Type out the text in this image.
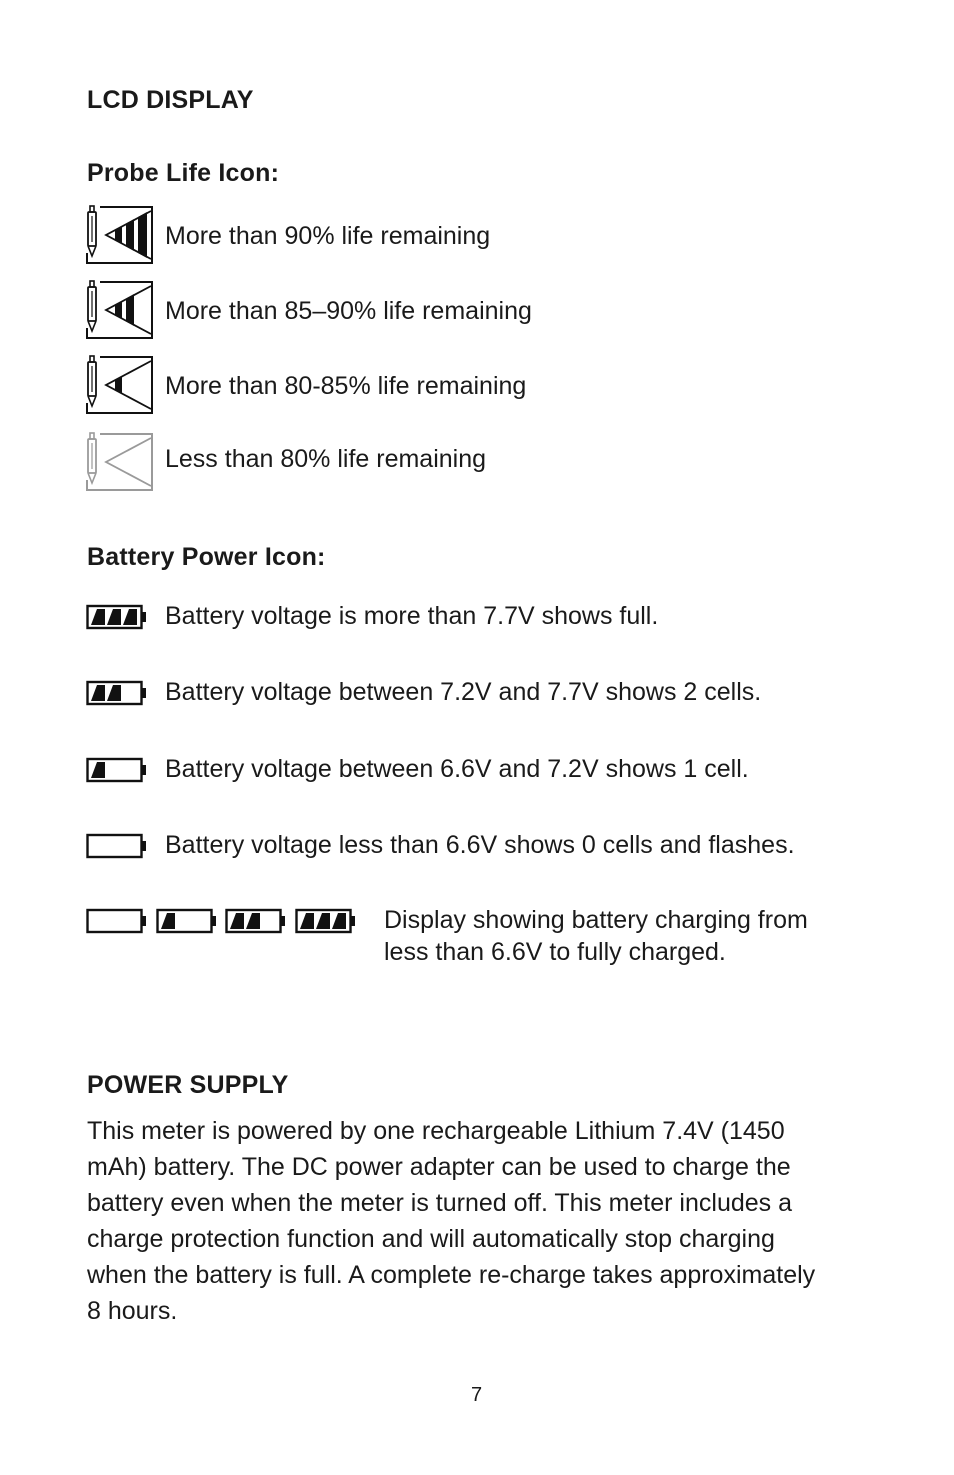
LCD DISPLAY
Probe Life Icon:
More than 90% life remaining
More than 85–90% life remaining
More than 80-85% life remaining
Less than 80% life remaining
Battery Power Icon:
Battery voltage is more than 7.7V shows full.
Battery voltage between 7.2V and 7.7V shows 2 cells.
Battery voltage between 6.6V and 7.2V shows 1 cell.
Battery voltage less than 6.6V shows 0 cells and flashes.
Display showing battery charging from
less than 6.6V to fully charged.
POWER SUPPLY
This meter is powered by one rechargeable Lithium 7.4V (1450
mAh) battery. The DC power adapter can be used to charge the
battery even when the meter is turned off. This meter includes a
charge protection function and will automatically stop charging
when the battery is full. A complete re-charge takes approximately
8 hours.
7
